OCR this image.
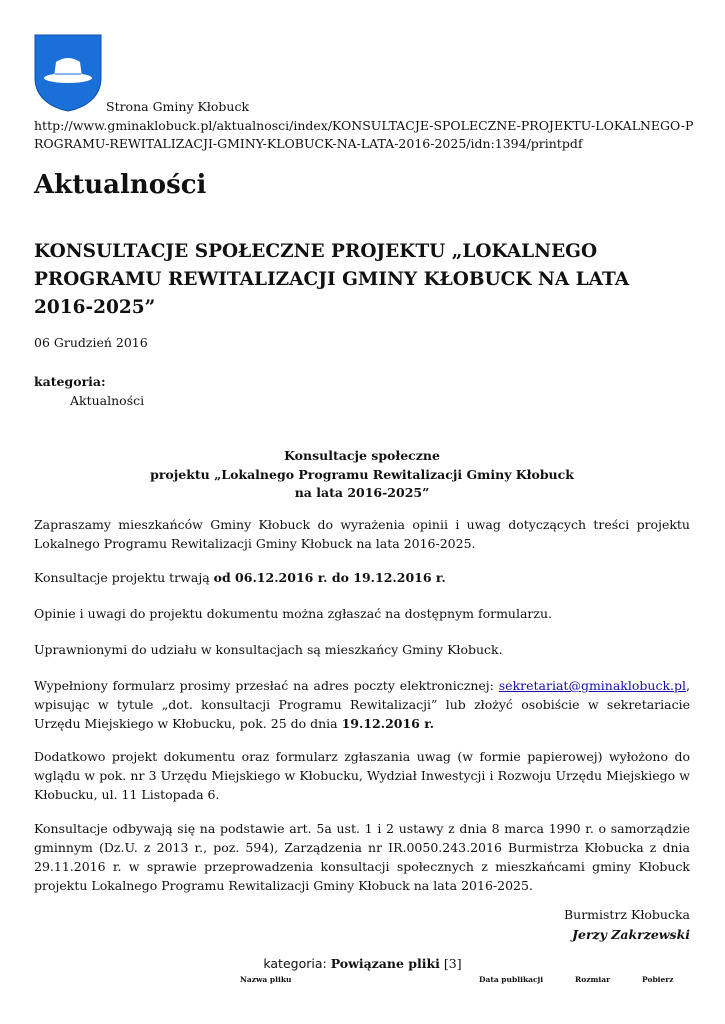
Strona Gminy Kłobuck
http://www.gminaklobuck.pl/aktualnosci/index/KONSULTACJE-SPOLECZNE-PROJEKTU-LOKALNEGO-PROGRAMU-REWITALIZACJI-GMINY-KLOBUCK-NA-LATA-2016-2025/idn:1394/printpdf
Aktualności
KONSULTACJE SPOŁECZNE PROJEKTU „LOKALNEGO PROGRAMU REWITALIZACJI GMINY KŁOBUCK NA LATA 2016-2025”
06 Grudzień 2016
kategoria:
Aktualności
Konsultacje społeczne
projektu „Lokalnego Programu Rewitalizacji Gminy Kłobuck
na lata 2016-2025”
Zapraszamy mieszkańców Gminy Kłobuck do wyrażenia opinii i uwag dotyczących treści projektu Lokalnego Programu Rewitalizacji Gminy Kłobuck na lata 2016-2025.
Konsultacje projektu trwają od 06.12.2016 r. do 19.12.2016 r.
Opinie i uwagi do projektu dokumentu można zgłaszać na dostępnym formularzu.
Uprawnionymi do udziału w konsultacjach są mieszkańcy Gminy Kłobuck.
Wypełniony formularz prosimy przesłać na adres poczty elektronicznej: sekretariat@gminaklobuck.pl, wpisując w tytule „dot. konsultacji Programu Rewitalizacji” lub złożyć osobiście w sekretariacie Urzędu Miejskiego w Kłobucku, pok. 25 do dnia 19.12.2016 r.
Dodatkowo projekt dokumentu oraz formularz zgłaszania uwag (w formie papierowej) wyłożono do wglądu w pok. nr 3 Urzędu Miejskiego w Kłobucku, Wydział Inwestycji i Rozwoju Urzędu Miejskiego w Kłobucku, ul. 11 Listopada 6.
Konsultacje odbywają się na podstawie art. 5a ust. 1 i 2 ustawy z dnia 8 marca 1990 r. o samorządzie gminnym (Dz.U. z 2013 r., poz. 594), Zarządzenia nr IR.0050.243.2016 Burmistrza Kłobucka z dnia 29.11.2016 r. w sprawie przeprowadzenia konsultacji społecznych z mieszkańcami gminy Kłobuck projektu Lokalnego Programu Rewitalizacji Gminy Kłobuck na lata 2016-2025.
Burmistrz Kłobucka
Jerzy Zakrzewski
kategoria: Powiązane pliki [3]
Nazwa pliku	Data publikacji	Rozmiar	Pobierz
